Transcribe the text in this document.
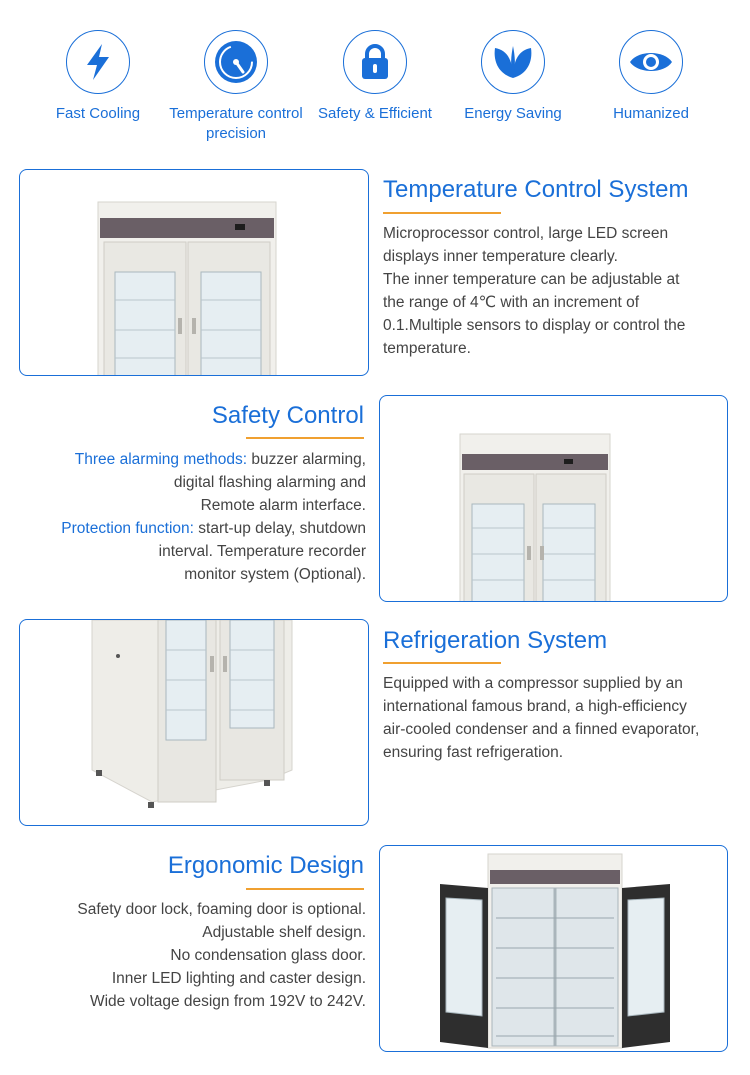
Fast Cooling	Temperature control precision
Safety & Efficient	Energy Saving	Humanized
Temperature Control System
Microprocessor control, large LED screen
displays inner temperature clearly.
The inner temperature can be adjustable at
the range of 4℃ with an increment of
0.1.Multiple sensors to display or control the
temperature.
Safety Control
Three alarming methods: buzzer alarming,
digital flashing alarming and
Remote alarm interface.
Protection function: start-up delay, shutdown
interval. Temperature recorder
monitor system (Optional).
Refrigeration System
Equipped with a compressor supplied by an
international famous brand, a high-efficiency
air-cooled condenser and a finned evaporator,
ensuring fast refrigeration.
Ergonomic Design
Safety door lock, foaming door is optional.
Adjustable shelf design.
No condensation glass door.
Inner LED lighting and caster design.
Wide voltage design from 192V to 242V.
